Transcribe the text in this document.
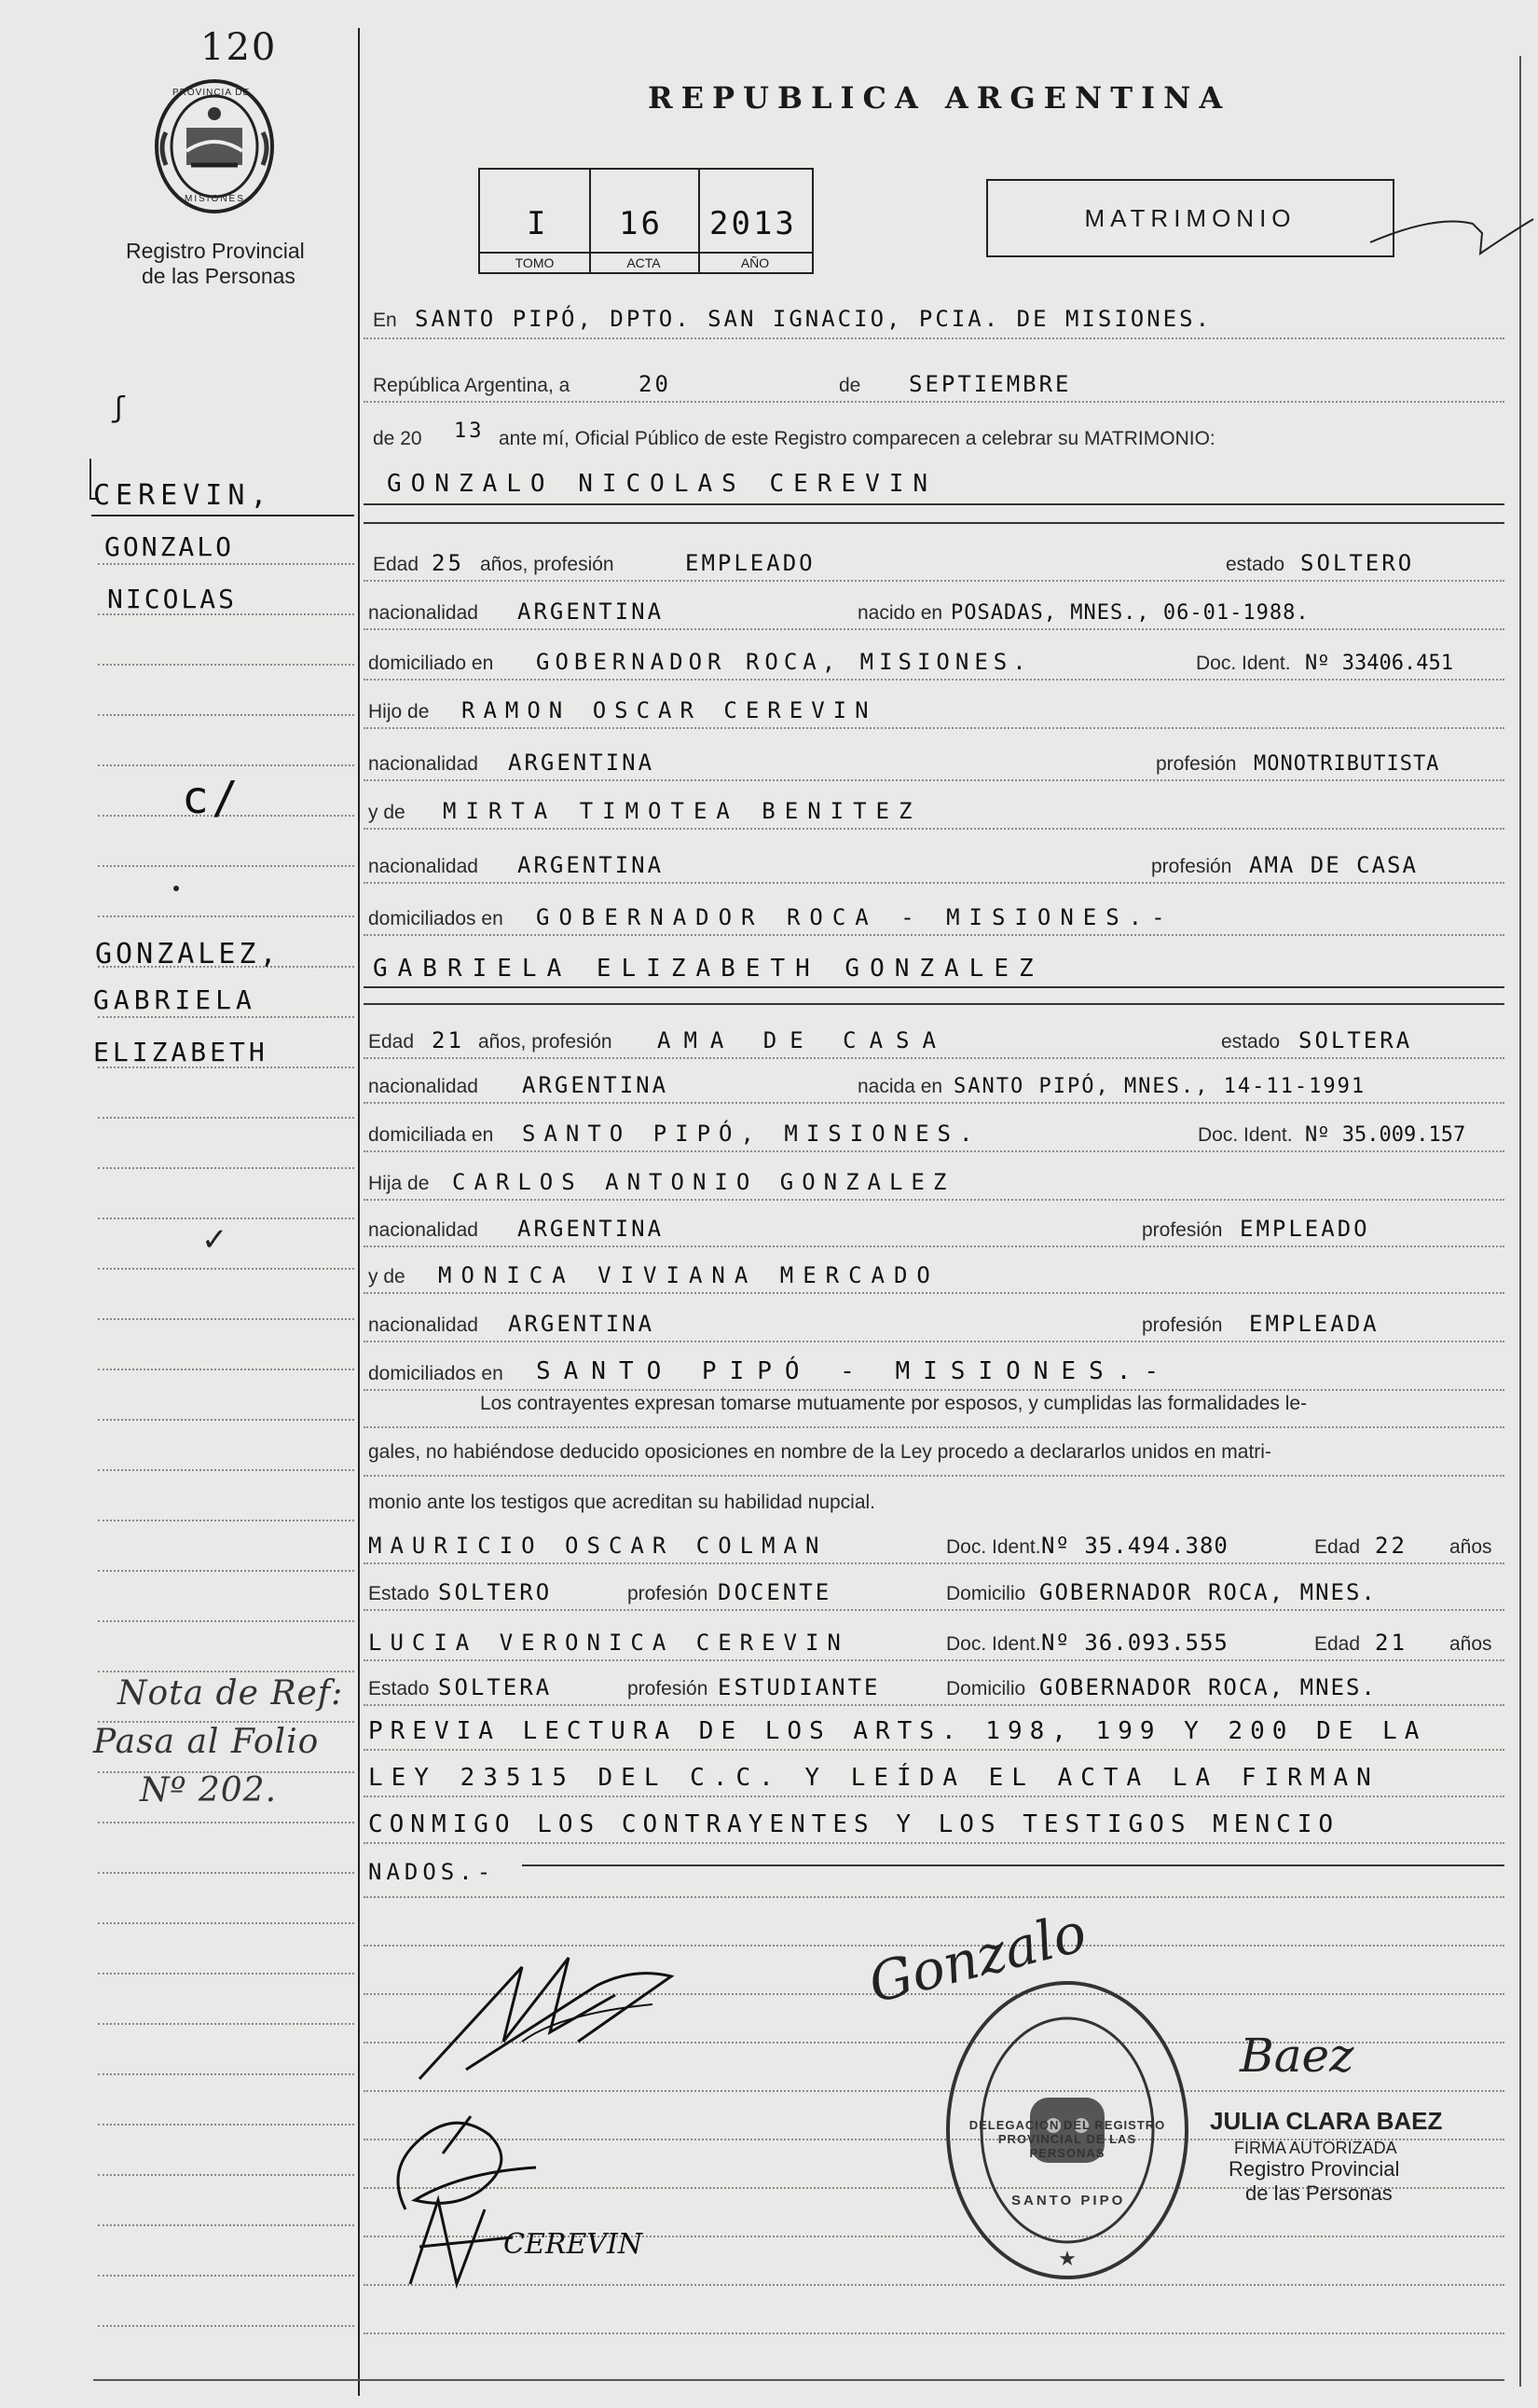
120
PROVINCIA DE
MISIONES
Registro Provincial
de las Personas
REPUBLICA ARGENTINA
I
TOMO
16
ACTA
2013
AÑO
MATRIMONIO
En SANTO PIPÓ, DPTO. SAN IGNACIO, PCIA. DE MISIONES.
República Argentina, a	20	de SEPTIEMBRE
de 20 13 ante mí, Oficial Público de este Registro comparecen a celebrar su MATRIMONIO:
GONZALO NICOLAS CEREVIN
Edad 25 años, profesión	EMPLEADO	estado SOLTERO
nacionalidad ARGENTINA	nacido en POSADAS, MNES., 06-01-1988.
domiciliado en GOBERNADOR ROCA, MISIONES.	Doc. Ident. Nº 33406.451
Hijo de RAMON OSCAR CEREVIN
nacionalidad ARGENTINA	profesión MONOTRIBUTISTA
y de MIRTA TIMOTEA BENITEZ
nacionalidad ARGENTINA	profesión AMA DE CASA
domiciliados en GOBERNADOR ROCA - MISIONES.-
GABRIELA ELIZABETH GONZALEZ
Edad 21 años, profesión AMA DE CASA	estado SOLTERA
nacionalidad ARGENTINA	nacida en SANTO PIPÓ, MNES., 14-11-1991
domiciliada en SANTO PIPÓ, MISIONES.	Doc. Ident. Nº 35.009.157
Hija de CARLOS ANTONIO GONZALEZ
nacionalidad ARGENTINA	profesión EMPLEADO
y de MONICA VIVIANA MERCADO
nacionalidad ARGENTINA	profesión EMPLEADA
domiciliados en SANTO PIPÓ - MISIONES.-
Los contrayentes expresan tomarse mutuamente por esposos, y cumplidas las formalidades le-
gales, no habiéndose deducido oposiciones en nombre de la Ley procedo a declararlos unidos en matri-
monio ante los testigos que acreditan su habilidad nupcial.
MAURICIO OSCAR COLMAN	Doc. Ident. Nº 35.494.380	Edad 22 años
Estado SOLTERO	profesión DOCENTE	Domicilio GOBERNADOR ROCA, MNES.
LUCIA VERONICA CEREVIN	Doc. Ident. Nº 36.093.555	Edad 21 años
Estado SOLTERA	profesión ESTUDIANTE	Domicilio GOBERNADOR ROCA, MNES.
PREVIA LECTURA DE LOS ARTS. 198, 199 Y 200 DE LA
LEY 23515 DEL C.C. Y LEÍDA EL ACTA LA FIRMAN
CONMIGO LOS CONTRAYENTES Y LOS TESTIGOS MENCIO
NADOS.-
ʃ
CEREVIN,
GONZALO
NICOLAS
c/
GONZALEZ,
GABRIELA
ELIZABETH
✓
Nota de Ref:
Pasa al Folio
Nº 202.
Gonzalo
CEREVIN	★
DELEGACION DEL REGISTRO PROVINCIAL DE LAS PERSONAS
SANTO PIPO
Baez
JULIA CLARA BAEZ
FIRMA AUTORIZADA
Registro Provincial
de las Personas
